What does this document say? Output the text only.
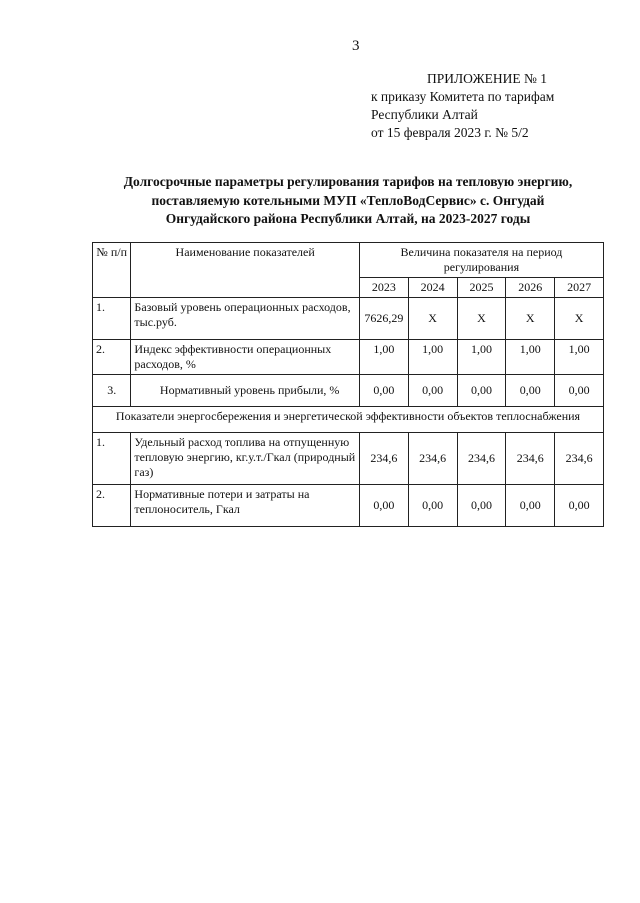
3
ПРИЛОЖЕНИЕ № 1
к приказу Комитета по тарифам
Республики Алтай
от 15 февраля 2023 г. № 5/2
Долгосрочные параметры регулирования тарифов на тепловую энергию,
поставляемую котельными МУП «ТеплоВодСервис» с. Онгудай
Онгудайского района Республики Алтай, на 2023-2027 годы
№ п/п	Наименование показателей	Величина показателя на период регулирования				
		2023	2024	2025	2026	2027
1.	Базовый уровень операционных расходов, тыс.руб.	7626,29	X	X	X	X
2.	Индекс эффективности операционных расходов, %	1,00	1,00	1,00	1,00	1,00
3.	Нормативный уровень прибыли, %	0,00	0,00	0,00	0,00	0,00
Показатели энергосбережения и энергетической эффективности объектов теплоснабжения						
1.	Удельный расход топлива на отпущенную тепловую энергию, кг.у.т./Гкал (природный газ)	234,6	234,6	234,6	234,6	234,6
2.	Нормативные потери и затраты на теплоноситель, Гкал	0,00	0,00	0,00	0,00	0,00
